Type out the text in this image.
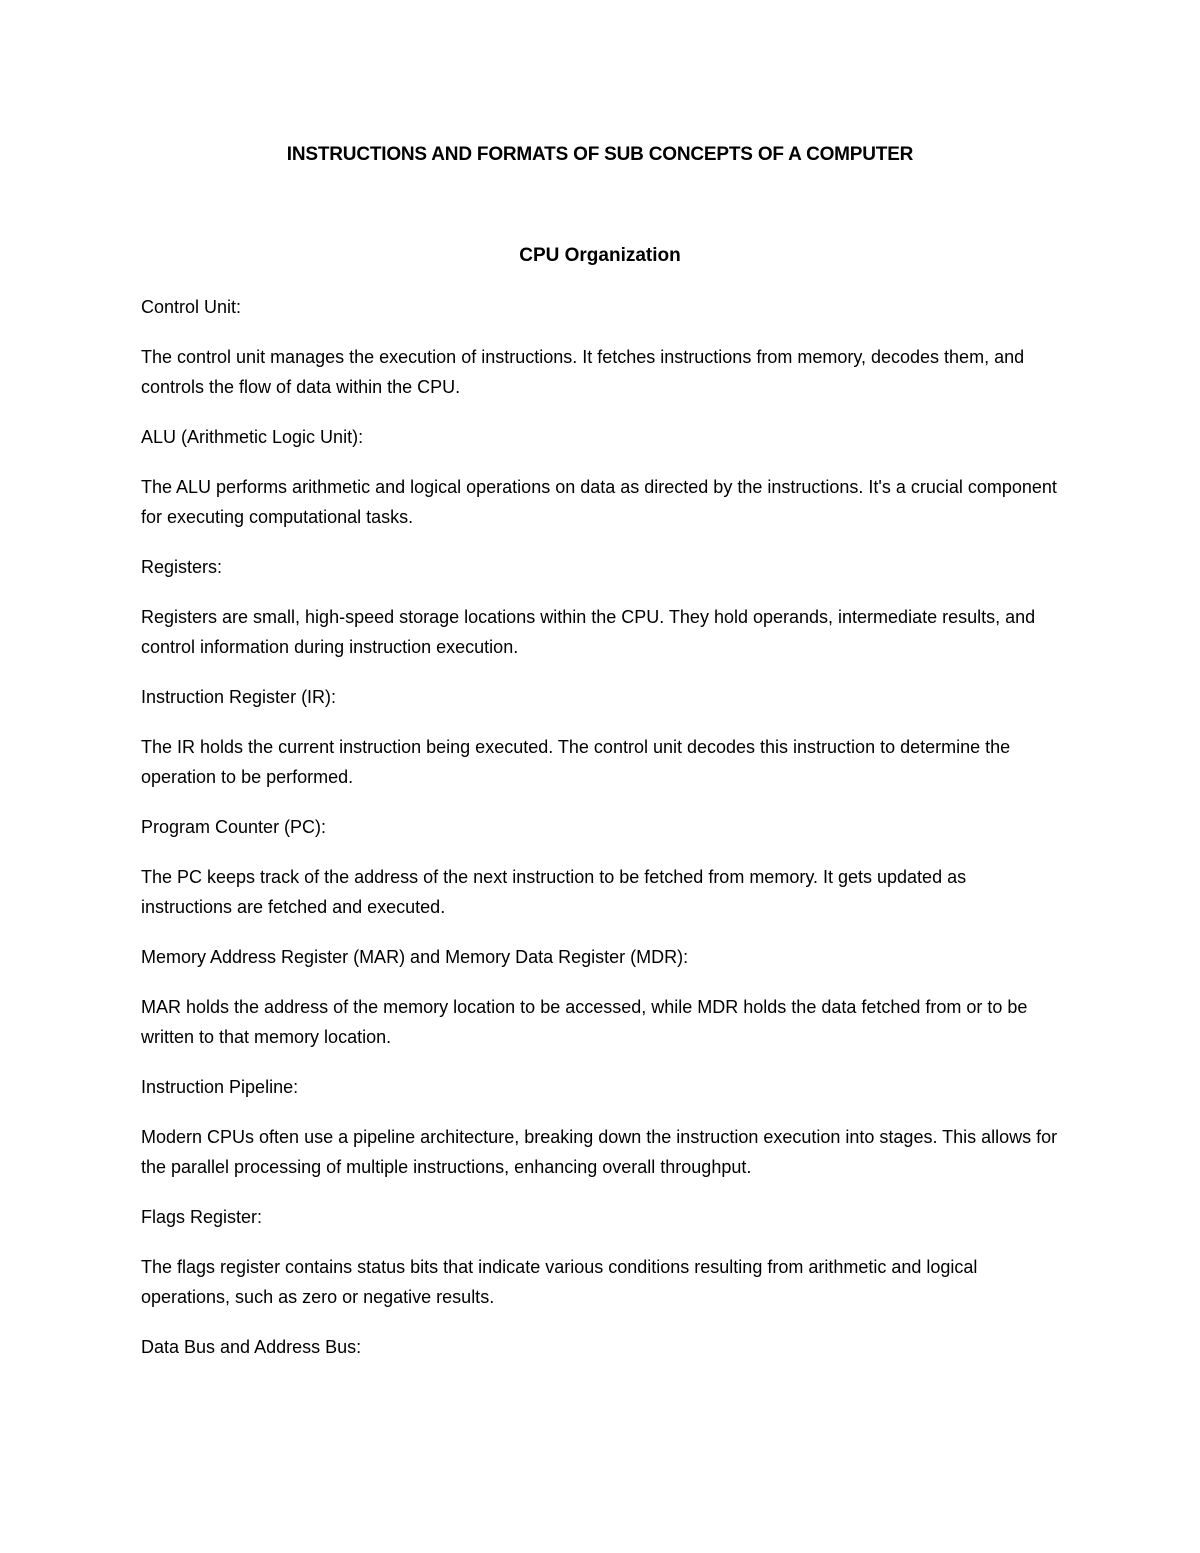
INSTRUCTIONS AND FORMATS OF SUB CONCEPTS OF A COMPUTER
CPU Organization

Control Unit:

The control unit manages the execution of instructions. It fetches instructions from memory, decodes them, and controls the flow of data within the CPU.

ALU (Arithmetic Logic Unit):

The ALU performs arithmetic and logical operations on data as directed by the instructions. It's a crucial component for executing computational tasks.

Registers:

Registers are small, high-speed storage locations within the CPU. They hold operands, intermediate results, and control information during instruction execution.

Instruction Register (IR):

The IR holds the current instruction being executed. The control unit decodes this instruction to determine the operation to be performed.

Program Counter (PC):

The PC keeps track of the address of the next instruction to be fetched from memory. It gets updated as instructions are fetched and executed.

Memory Address Register (MAR) and Memory Data Register (MDR):

MAR holds the address of the memory location to be accessed, while MDR holds the data fetched from or to be written to that memory location.

Instruction Pipeline:

Modern CPUs often use a pipeline architecture, breaking down the instruction execution into stages. This allows for the parallel processing of multiple instructions, enhancing overall throughput.

Flags Register:

The flags register contains status bits that indicate various conditions resulting from arithmetic and logical operations, such as zero or negative results.

Data Bus and Address Bus:
